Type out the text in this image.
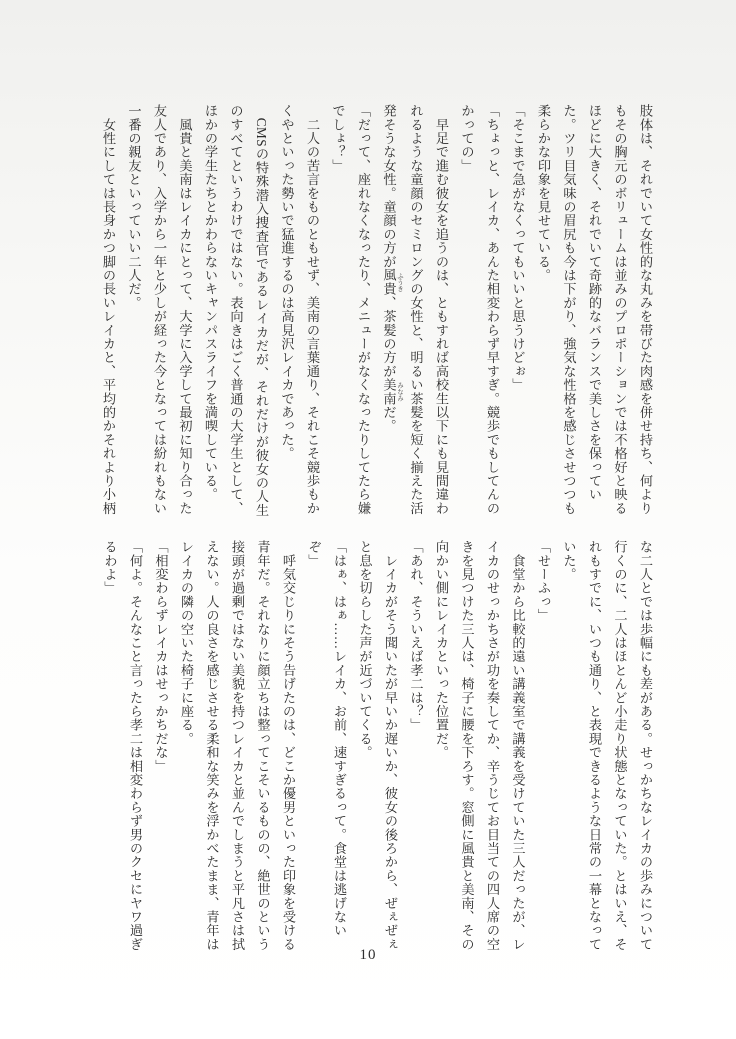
肢体は、それでいて女性的な丸みを帯びた肉感を併せ持ち、何より
もその胸元のボリュームは並みのプロポーションでは不格好と映る
ほどに大きく、それでいて奇跡的なバランスで美しさを保ってい
た。ツリ目気味の眉尻も今は下がり、強気な性格を感じさせつつも
柔らかな印象を見せている。
「そこまで急がなくってもいいと思うけどぉ」
「ちょっと、レイカ、あんた相変わらず早すぎ。競歩でもしてんの
かっての」
　早足で進む彼女を追うのは、ともすれば高校生以下にも見間違わ
れるような童顔のセミロングの女性と、明るい茶髪を短く揃えた活
発そうな女性。童顔の方が風貴 ふうき、茶髪の方が美南 みなみだ。
「だって、座れなくなったり、メニューがなくなったりしてたら嫌
でしょ？」
　二人の苦言をものともせず、美南の言葉通り、それこそ競歩もか
くやといった勢いで猛進するのは高見沢レイカであった。
　CMSの特殊潜入捜査官であるレイカだが、それだけが彼女の人生
のすべてというわけではない。表向きはごく普通の大学生として、
ほかの学生たちとかわらないキャンパスライフを満喫している。
　風貴と美南はレイカにとって、大学に入学して最初に知り合った
友人であり、入学から一年と少しが経った今となっては紛れもない
一番の親友といっていい二人だ。
　女性にしては長身かつ脚の長いレイカと、平均的かそれより小柄
な二人とでは歩幅にも差がある。せっかちなレイカの歩みについて
行くのに、二人はほとんど小走り状態となっていた。とはいえ、そ
れもすでに、いつも通り、と表現できるような日常の一幕となって
いた。
「せーふっ」
　食堂から比較的遠い講義室で講義を受けていた三人だったが、レ
イカのせっかちさが功を奏してか、辛うじてお目当ての四人席の空
きを見つけた三人は、椅子に腰を下ろす。窓側に風貴と美南、その
向かい側にレイカといった位置だ。
「あれ、そういえば孝二は？」
　レイカがそう聞いたが早いか遅いか、彼女の後ろから、ぜぇぜぇ
と息を切らした声が近づいてくる。
「はぁ、はぁ……レイカ、お前、速すぎるって。食堂は逃げない
ぞ」
　呼気交じりにそう告げたのは、どこか優男といった印象を受ける
青年だ。それなりに顔立ちは整ってこそいるものの、絶世のという
接頭が過剰ではない美貌を持つレイカと並んでしまうと平凡さは拭
えない。人の良さを感じさせる柔和な笑みを浮かべたまま、青年は
レイカの隣の空いた椅子に座る。
「相変わらずレイカはせっかちだな」
「何よ。そんなこと言ったら孝二は相変わらず男のクセにヤワ過ぎ
るわよ」
10
